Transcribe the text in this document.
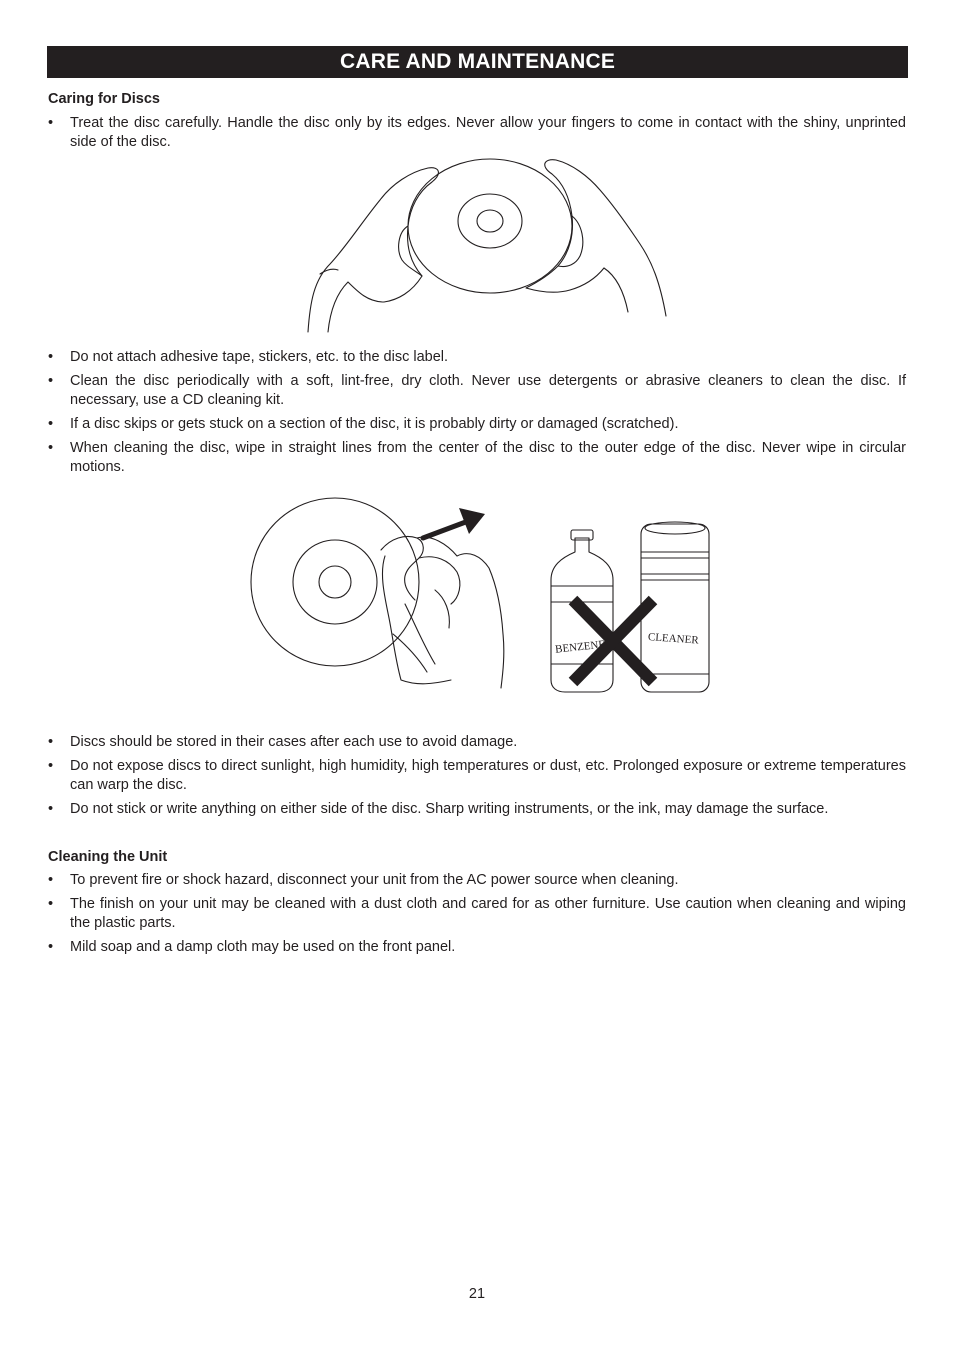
CARE AND MAINTENANCE
Caring for Discs
• Treat the disc carefully. Handle the disc only by its edges. Never allow your fingers to come in contact with the shiny, unprinted side of the disc.
• Do not attach adhesive tape, stickers, etc. to the disc label.
• Clean the disc periodically with a soft, lint-free, dry cloth. Never use detergents or abrasive cleaners to clean the disc. If necessary, use a CD cleaning kit.
• If a disc skips or gets stuck on a section of the disc, it is probably dirty or damaged (scratched).
• When cleaning the disc, wipe in straight lines from the center of the disc to the outer edge of the disc. Never wipe in circular motions.
BENZENE	CLEANER
• Discs should be stored in their cases after each use to avoid damage.
• Do not expose discs to direct sunlight, high humidity, high temperatures or dust, etc. Prolonged exposure or extreme temperatures can warp the disc.
• Do not stick or write anything on either side of the disc. Sharp writing instruments, or the ink, may damage the surface.
Cleaning the Unit
• To prevent fire or shock hazard, disconnect your unit from the AC power source when cleaning.
• The finish on your unit may be cleaned with a dust cloth and cared for as other furniture. Use caution when cleaning and wiping the plastic parts.
• Mild soap and a damp cloth may be used on the front panel.
21
